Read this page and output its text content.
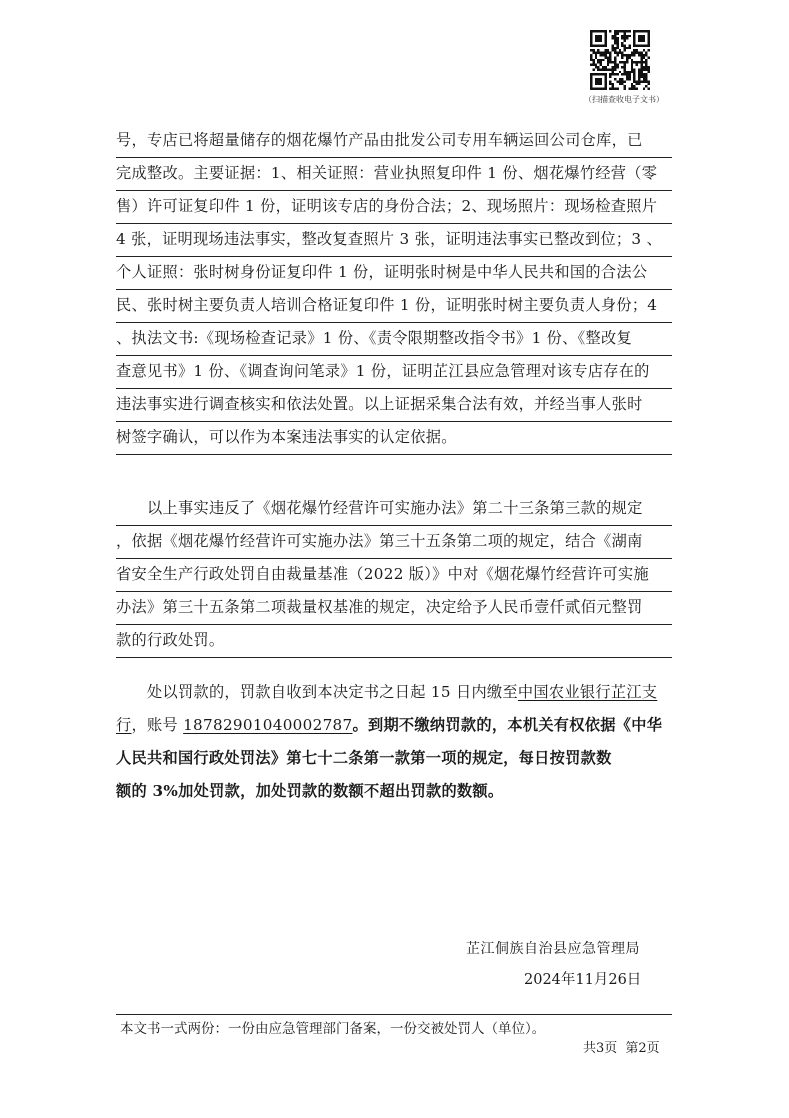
（扫描查收电子文书）
号，专店已将超量储存的烟花爆竹产品由批发公司专用车辆运回公司仓库，已
完成整改。主要证据：1、相关证照：营业执照复印件 1 份、烟花爆竹经营（零
售）许可证复印件 1 份，证明该专店的身份合法；2、现场照片：现场检查照片
4 张，证明现场违法事实，整改复查照片 3 张，证明违法事实已整改到位；3 、
个人证照：张时树身份证复印件 1 份，证明张时树是中华人民共和国的合法公
民、张时树主要负责人培训合格证复印件 1 份，证明张时树主要负责人身份；4
、执法文书:《现场检查记录》1 份、《责令限期整改指令书》1 份、《整改复
查意见书》1 份、《调查询问笔录》1 份，证明芷江县应急管理对该专店存在的
违法事实进行调查核实和依法处置。以上证据采集合法有效，并经当事人张时
树签字确认，可以作为本案违法事实的认定依据。
以上事实违反了《烟花爆竹经营许可实施办法》第二十三条第三款的规定
，依据《烟花爆竹经营许可实施办法》第三十五条第二项的规定，结合《湖南
省安全生产行政处罚自由裁量基准（2022 版）》中对《烟花爆竹经营许可实施
办法》第三十五条第二项裁量权基准的规定，决定给予人民币壹仟贰佰元整罚
款的行政处罚。
处以罚款的，罚款自收到本决定书之日起 15 日内缴至中国农业银行芷江支
行，账号 18782901040002787。到期不缴纳罚款的，本机关有权依据《中华
人民共和国行政处罚法》第七十二条第一款第一项的规定，每日按罚款数
额的 3%加处罚款，加处罚款的数额不超出罚款的数额。
芷江侗族自治县应急管理局
2024年11月26日
本文书一式两份：一份由应急管理部门备案，一份交被处罚人（单位）。
共3页 第2页
